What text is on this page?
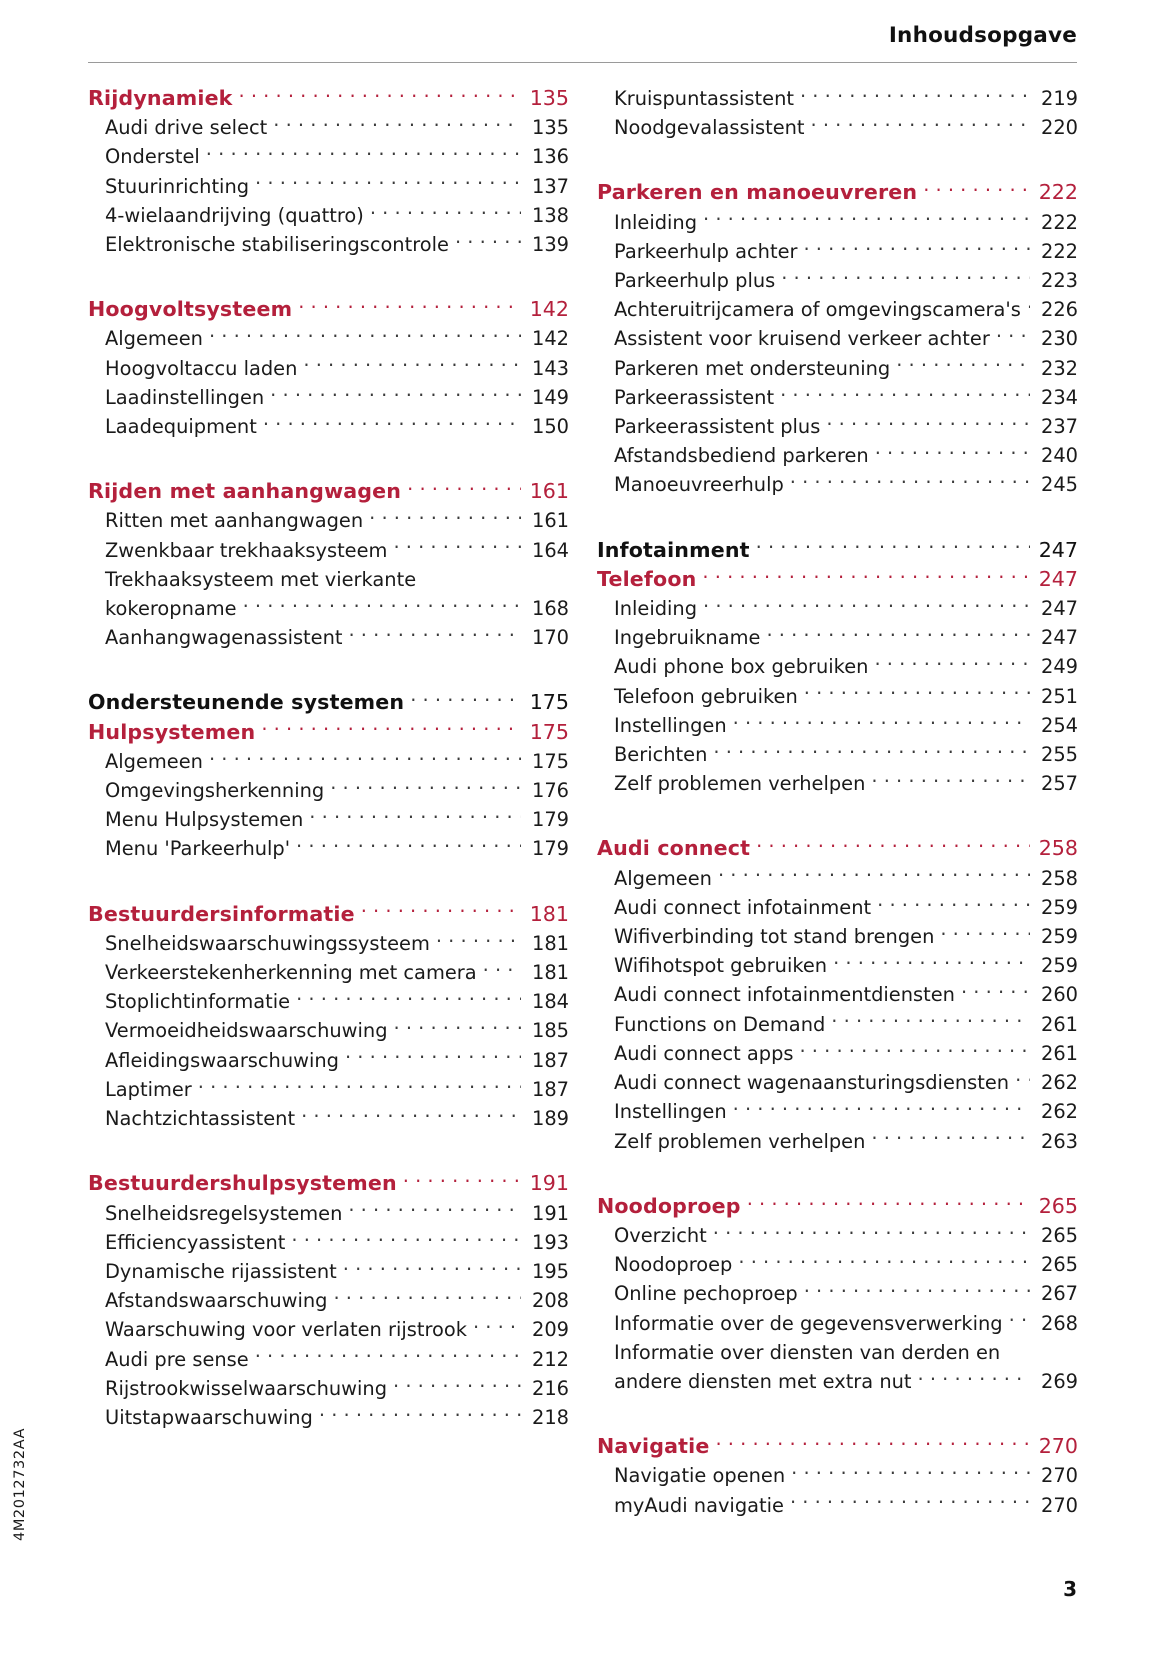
Inhoudsopgave
4M2012732AA
Rijdynamiek . . .	135
Audi drive select . . .	135
Onderstel . . .	136
Stuurinrichting . . .	137
4-wielaandrijving (quattro) . . .	138
Elektronische stabiliseringscontrole . . .	139
Hoogvoltsysteem . . .	142
Algemeen . . .	142
Hoogvoltaccu laden . . .	143
Laadinstellingen . . .	149
Laadequipment . . .	150
Rijden met aanhangwagen . . .	161
Ritten met aanhangwagen . . .	161
Zwenkbaar trekhaaksysteem . . .	164
Trekhaaksysteem met vierkante
kokeropname . . .	168
Aanhangwagenassistent . . .	170
Ondersteunende systemen . . .	175
Hulpsystemen . . .	175
Algemeen . . .	175
Omgevingsherkenning . . .	176
Menu Hulpsystemen . . .	179
Menu 'Parkeerhulp' . . .	179
Bestuurdersinformatie . . .	181
Snelheidswaarschuwingssysteem . . .	181
Verkeerstekenherkenning met camera . . .	181
Stoplichtinformatie . . .	184
Vermoeidheidswaarschuwing . . .	185
Afleidingswaarschuwing . . .	187
Laptimer . . .	187
Nachtzichtassistent . . .	189
Bestuurdershulpsystemen . . .	191
Snelheidsregelsystemen . . .	191
Efficiencyassistent . . .	193
Dynamische rijassistent . . .	195
Afstandswaarschuwing . . .	208
Waarschuwing voor verlaten rijstrook . . .	209
Audi pre sense . . .	212
Rijstrookwisselwaarschuwing . . .	216
Uitstapwaarschuwing . . .	218
Kruispuntassistent . . .	219
Noodgevalassistent . . .	220
Parkeren en manoeuvreren . . .	222
Inleiding . . .	222
Parkeerhulp achter . . .	222
Parkeerhulp plus . . .	223
Achteruitrijcamera of omgevingscamera's . . .	226
Assistent voor kruisend verkeer achter . . .	230
Parkeren met ondersteuning . . .	232
Parkeerassistent . . .	234
Parkeerassistent plus . . .	237
Afstandsbediend parkeren . . .	240
Manoeuvreerhulp . . .	245
Infotainment . . .	247
Telefoon . . .	247
Inleiding . . .	247
Ingebruikname . . .	247
Audi phone box gebruiken . . .	249
Telefoon gebruiken . . .	251
Instellingen . . .	254
Berichten . . .	255
Zelf problemen verhelpen . . .	257
Audi connect . . .	258
Algemeen . . .	258
Audi connect infotainment . . .	259
Wifiverbinding tot stand brengen . . .	259
Wifihotspot gebruiken . . .	259
Audi connect infotainmentdiensten . . .	260
Functions on Demand . . .	261
Audi connect apps . . .	261
Audi connect wagenaansturingsdiensten . . .	262
Instellingen . . .	262
Zelf problemen verhelpen . . .	263
Noodoproep . . .	265
Overzicht . . .	265
Noodoproep . . .	265
Online pechoproep . . .	267
Informatie over de gegevensverwerking . . .	268
Informatie over diensten van derden en
andere diensten met extra nut . . .	269
Navigatie . . .	270
Navigatie openen . . .	270
myAudi navigatie . . .	270
3
